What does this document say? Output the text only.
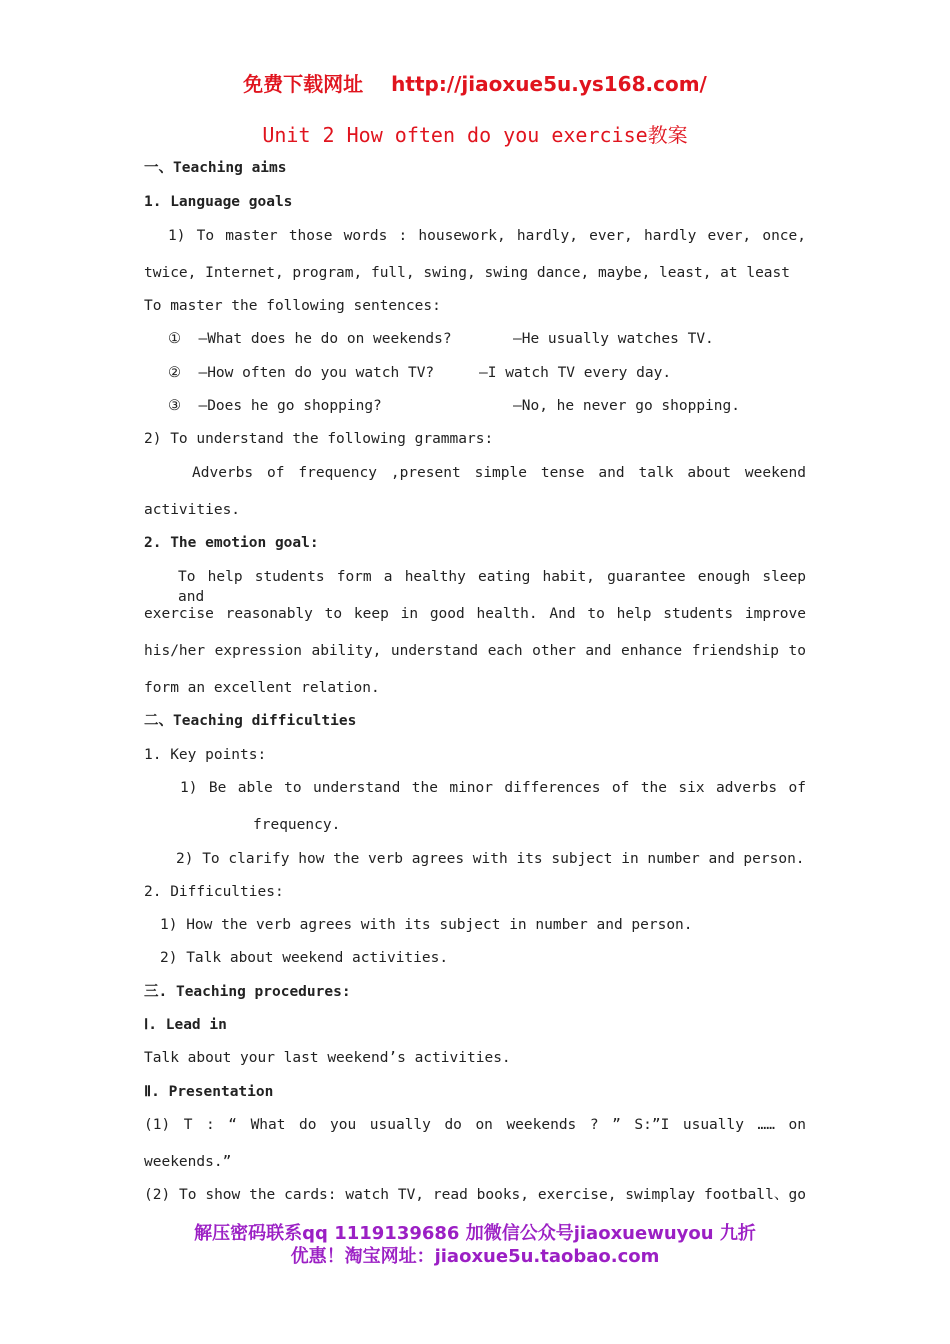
免费下载网址 http://jiaoxue5u.ys168.com/
Unit 2 How often do you exercise教案
一、Teaching aims
1. Language goals
1) To master those words : housework, hardly, ever, hardly ever, once,
twice, Internet, program, full, swing, swing dance, maybe, least, at least
To master the following sentences:
①  —What does he do on weekends?	—He usually watches TV.
②  —How often do you watch TV?	—I watch TV every day.
③  —Does he go shopping?	—No, he never go shopping.
2) To understand the following grammars:
Adverbs of frequency ,present simple tense and talk about weekend
activities.
2. The emotion goal:
To help students form a healthy eating habit, guarantee enough sleep and
exercise reasonably to keep in good health. And to help students improve
his/her expression ability, understand each other and enhance friendship to
form an excellent relation.
二、Teaching difficulties
1. Key points:
1) Be able to understand the minor differences of the six adverbs of
frequency.
2) To clarify how the verb agrees with its subject in number and person.
2. Difficulties:
1) How the verb agrees with its subject in number and person.
2) Talk about weekend activities.
三. Teaching procedures:
Ⅰ. Lead in
Talk about your last weekend’s activities.
Ⅱ. Presentation
(1) T : “ What do you usually do on weekends ? ” S:”I usually …… on
weekends.”
(2) To show the cards: watch TV, read books, exercise, swimplay football、go
解压密码联系qq 1119139686 加微信公众号jiaoxuewuyou 九折
优惠！淘宝网址：jiaoxue5u.taobao.com
